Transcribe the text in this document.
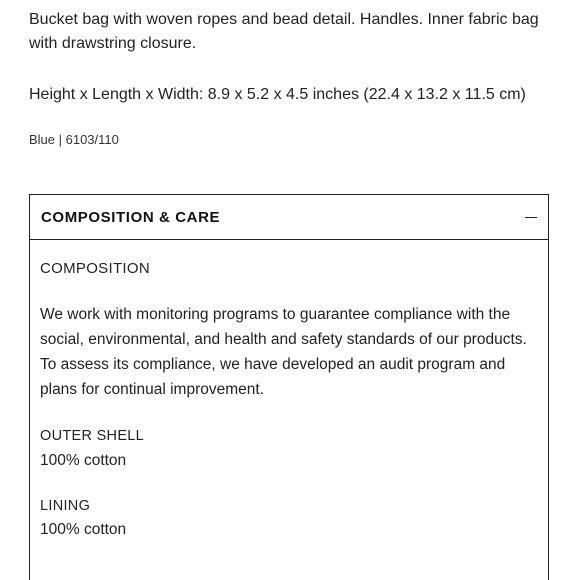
Bucket bag with woven ropes and bead detail. Handles. Inner fabric bag with drawstring closure.

Height x Length x Width: 8.9 x 5.2 x 4.5 inches (22.4 x 13.2 x 11.5 cm)

Blue | 6103/110

COMPOSITION & CARE

COMPOSITION

We work with monitoring programs to guarantee compliance with the social, environmental, and health and safety standards of our products. To assess its compliance, we have developed an audit program and plans for continual improvement.

OUTER SHELL

100% cotton

LINING

100% cotton
